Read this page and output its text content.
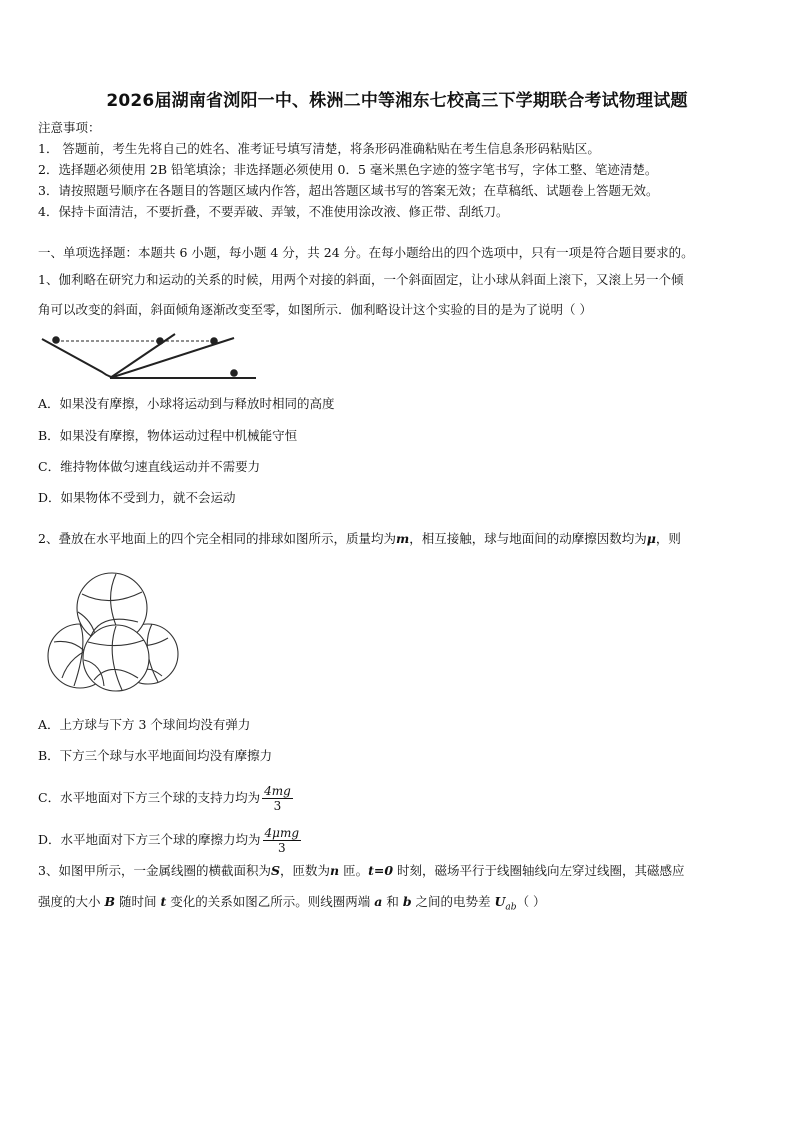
2026届湖南省浏阳一中、株洲二中等湘东七校高三下学期联合考试物理试题
注意事项：
1． 答题前，考生先将自己的姓名、准考证号填写清楚，将条形码准确粘贴在考生信息条形码粘贴区。
2．选择题必须使用 2B 铅笔填涂；非选择题必须使用 0．5 毫米黑色字迹的签字笔书写，字体工整、笔迹清楚。
3．请按照题号顺序在各题目的答题区域内作答，超出答题区域书写的答案无效；在草稿纸、试题卷上答题无效。
4．保持卡面清洁，不要折叠，不要弄破、弄皱，不准使用涂改液、修正带、刮纸刀。
一、单项选择题：本题共 6 小题，每小题 4 分，共 24 分。在每小题给出的四个选项中，只有一项是符合题目要求的。
1、伽利略在研究力和运动的关系的时候，用两个对接的斜面，一个斜面固定，让小球从斜面上滚下，又滚上另一个倾
角可以改变的斜面，斜面倾角逐渐改变至零，如图所示．伽利略设计这个实验的目的是为了说明（ ）
A．如果没有摩擦，小球将运动到与释放时相同的高度
B．如果没有摩擦，物体运动过程中机械能守恒
C．维持物体做匀速直线运动并不需要力
D．如果物体不受到力，就不会运动
2、叠放在水平地面上的四个完全相同的排球如图所示，质量均为m，相互接触，球与地面间的动摩擦因数均为μ，则
A．上方球与下方 3 个球间均没有弹力
B．下方三个球与水平地面间均没有摩擦力
C．水平地面对下方三个球的支持力均为 $\frac{4mg}{3}$
D．水平地面对下方三个球的摩擦力均为 $\frac{\text{4μmg}}{3}$
3、如图甲所示，一金属线圈的横截面积为S，匝数为n 匝。t=0 时刻，磁场平行于线圈轴线向左穿过线圈，其磁感应
强度的大小 B 随时间 t 变化的关系如图乙所示。则线圈两端 a 和 b 之间的电势差 $U_{ab}$（ ）
